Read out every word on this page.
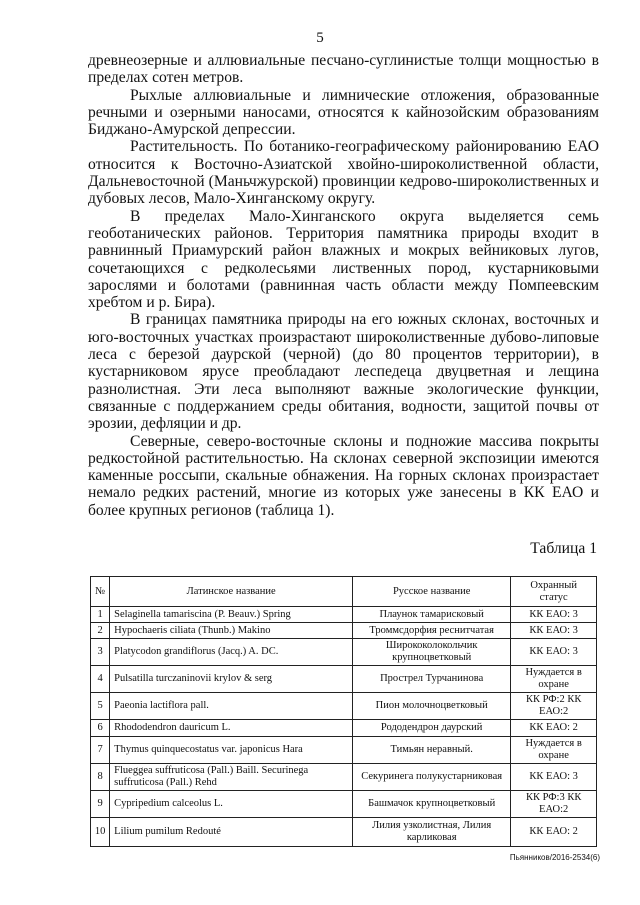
5

древнеозерные и аллювиальные песчано-суглинистые толщи мощностью в пределах сотен метров.

Рыхлые аллювиальные и лимнические отложения, образованные речными и озерными наносами, относятся к кайнозойским образованиям Биджано-Амурской депрессии.

Растительность. По ботанико-географическому районированию ЕАО относится к Восточно-Азиатской хвойно-широколиственной области, Дальневосточной (Маньчжурской) провинции кедрово-широколиственных и дубовых лесов, Мало-Хинганскому округу.

В пределах Мало-Хинганского округа выделяется семь геоботанических районов. Территория памятника природы входит в равнинный Приамурский район влажных и мокрых вейниковых лугов, сочетающихся с редколесьями лиственных пород, кустарниковыми зарослями и болотами (равнинная часть области между Помпеевским хребтом и р. Бира).

В границах памятника природы на его южных склонах, восточных и юго-восточных участках произрастают широколиственные дубово-липовые леса с березой даурской (черной) (до 80 процентов территории), в кустарниковом ярусе преобладают леспедеца двуцветная и лещина разнолистная. Эти леса выполняют важные экологические функции, связанные с поддержанием среды обитания, водности, защитой почвы от эрозии, дефляции и др.

Северные, северо-восточные склоны и подножие массива покрыты редкостойной растительностью. На склонах северной экспозиции имеются каменные россыпи, скальные обнажения. На горных склонах произрастает немало редких растений, многие из которых уже занесены в КК ЕАО и более крупных регионов (таблица 1).

Таблица 1
№	Латинское название	Русское название	Охранный статус
1	Selaginella tamariscina (P. Beauv.) Spring	Плаунок тамарисковый	КК ЕАО: 3
2	Hypochaeris ciliata (Thunb.) Makino	Троммсдорфия реснитчатая	КК ЕАО: 3
3	Platycodon grandiflorus (Jacq.) A. DC.	Ширококолокольчик крупноцветковый	КК ЕАО: 3
4	Pulsatilla turczaninovii krylov & serg	Прострел Турчанинова	Нуждается в охране
5	Paeonia lactiflora pall.	Пион молочноцветковый	КК РФ:2 КК ЕАО:2
6	Rhododendron dauricum L.	Рододендрон даурский	КК ЕАО: 2
7	Thymus quinquecostatus var. japonicus Hara	Тимьян неравный.	Нуждается в охране
8	Flueggea suffruticosa (Pall.) Baill. Securinega suffruticosa (Pall.) Rehd	Секуринега полукустарниковая	КК ЕАО: 3
9	Cypripedium calceolus L.	Башмачок крупноцветковый	КК РФ:3 КК ЕАО:2
10	Lilium pumilum Redouté	Лилия узколистная, Лилия карликовая	КК ЕАО: 2
Пьянников/2016-2534(6)
